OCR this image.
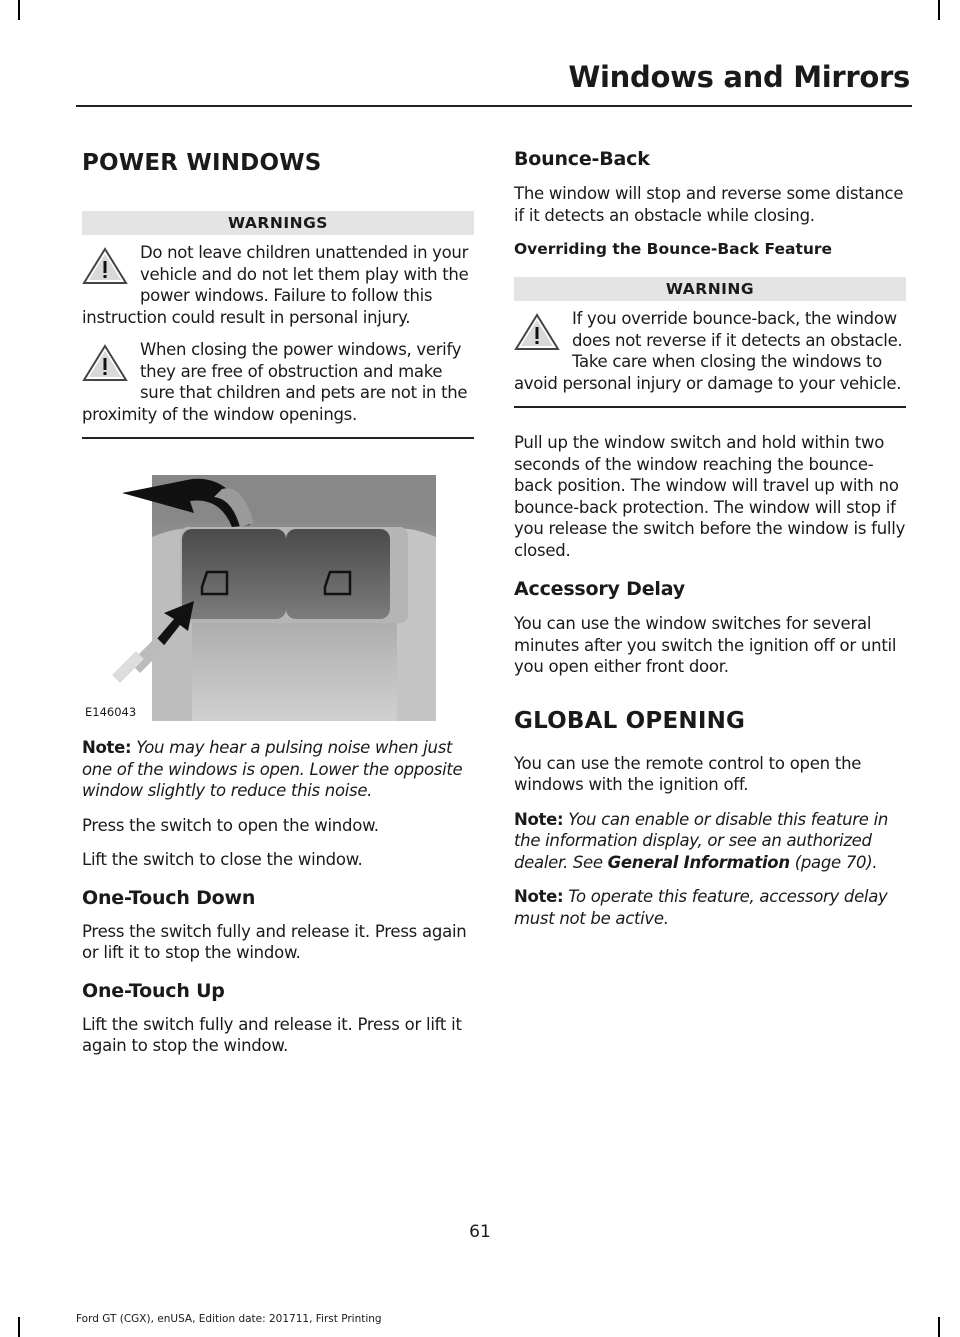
Windows and Mirrors
POWER WINDOWS
WARNINGS
Do not leave children unattended in your vehicle and do not let them play with the power windows. Failure to follow this instruction could result in personal injury.
When closing the power windows, verify they are free of obstruction and make sure that children and pets are not in the proximity of the window openings.
E146043

Note: You may hear a pulsing noise when just one of the windows is open. Lower the opposite window slightly to reduce this noise.

Press the switch to open the window.

Lift the switch to close the window.

One-Touch Down

Press the switch fully and release it. Press again or lift it to stop the window.

One-Touch Up

Lift the switch fully and release it. Press or lift it again to stop the window.

Bounce-Back

The window will stop and reverse some distance if it detects an obstacle while closing.

Overriding the Bounce-Back Feature
WARNING
If you override bounce-back, the window does not reverse if it detects an obstacle. Take care when closing the windows to avoid personal injury or damage to your vehicle.

Pull up the window switch and hold within two seconds of the window reaching the bounce-back position. The window will travel up with no bounce-back protection. The window will stop if you release the switch before the window is fully closed.

Accessory Delay

You can use the window switches for several minutes after you switch the ignition off or until you open either front door.

GLOBAL OPENING

You can use the remote control to open the windows with the ignition off.

Note: You can enable or disable this feature in the information display, or see an authorized dealer. See General Information (page 70).

Note: To operate this feature, accessory delay must not be active.

61
Ford GT (CGX), enUSA, Edition date: 201711, First Printing
